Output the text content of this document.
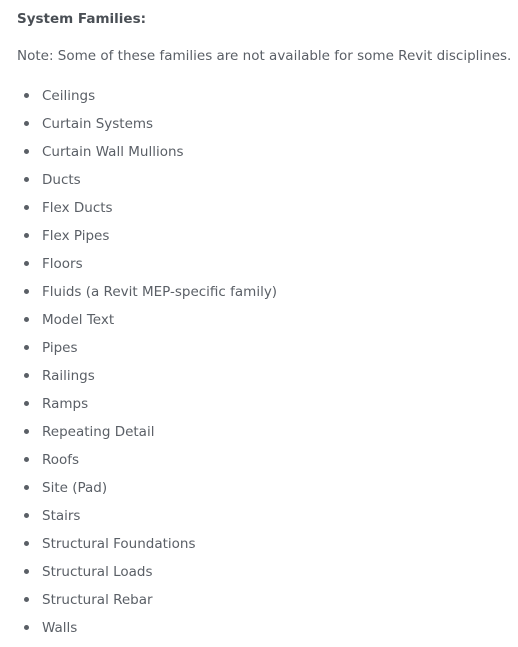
System Families:
Note: Some of these families are not available for some Revit disciplines.
Ceilings
Curtain Systems
Curtain Wall Mullions
Ducts
Flex Ducts
Flex Pipes
Floors
Fluids (a Revit MEP-specific family)
Model Text
Pipes
Railings
Ramps
Repeating Detail
Roofs
Site (Pad)
Stairs
Structural Foundations
Structural Loads
Structural Rebar
Walls
